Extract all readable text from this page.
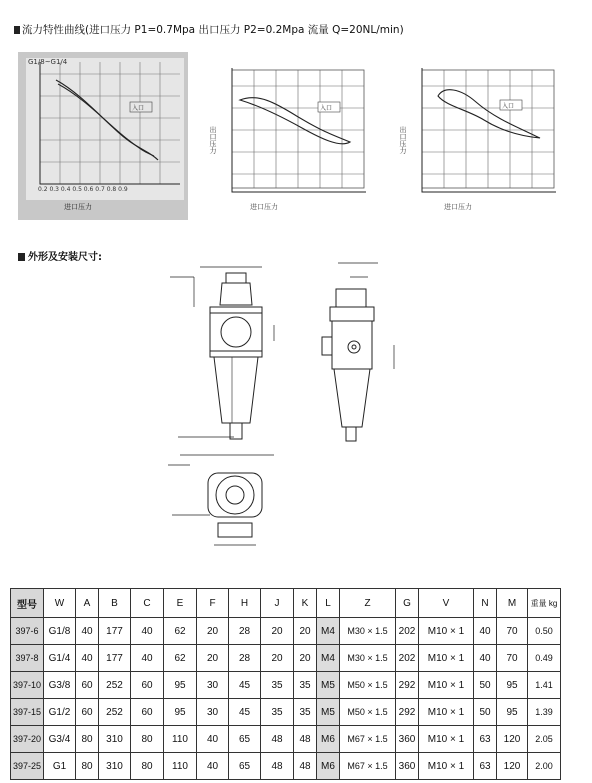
流力特性曲线(进口压力 P1=0.7Mpa 出口压力 P2=0.2Mpa 流量 Q=20NL/min)
G1/8~G1/4
入口
0.2 0.3 0.4 0.5 0.6 0.7 0.8 0.9
进口压力
入口
出口压力
进口压力
入口
出口压力
进口压力
外形及安装尺寸:
型号	W	A	B	C	E	F	H	J	K	L	Z	G	V	N	M	重量 kg
397-6	G1/8	40	177	40	62	20	28	20	20	M4	M30 × 1.5	202	M10 × 1	40	70	0.50
397-8	G1/4	40	177	40	62	20	28	20	20	M4	M30 × 1.5	202	M10 × 1	40	70	0.49
397-10	G3/8	60	252	60	95	30	45	35	35	M5	M50 × 1.5	292	M10 × 1	50	95	1.41
397-15	G1/2	60	252	60	95	30	45	35	35	M5	M50 × 1.5	292	M10 × 1	50	95	1.39
397-20	G3/4	80	310	80	110	40	65	48	48	M6	M67 × 1.5	360	M10 × 1	63	120	2.05
397-25	G1	80	310	80	110	40	65	48	48	M6	M67 × 1.5	360	M10 × 1	63	120	2.00
